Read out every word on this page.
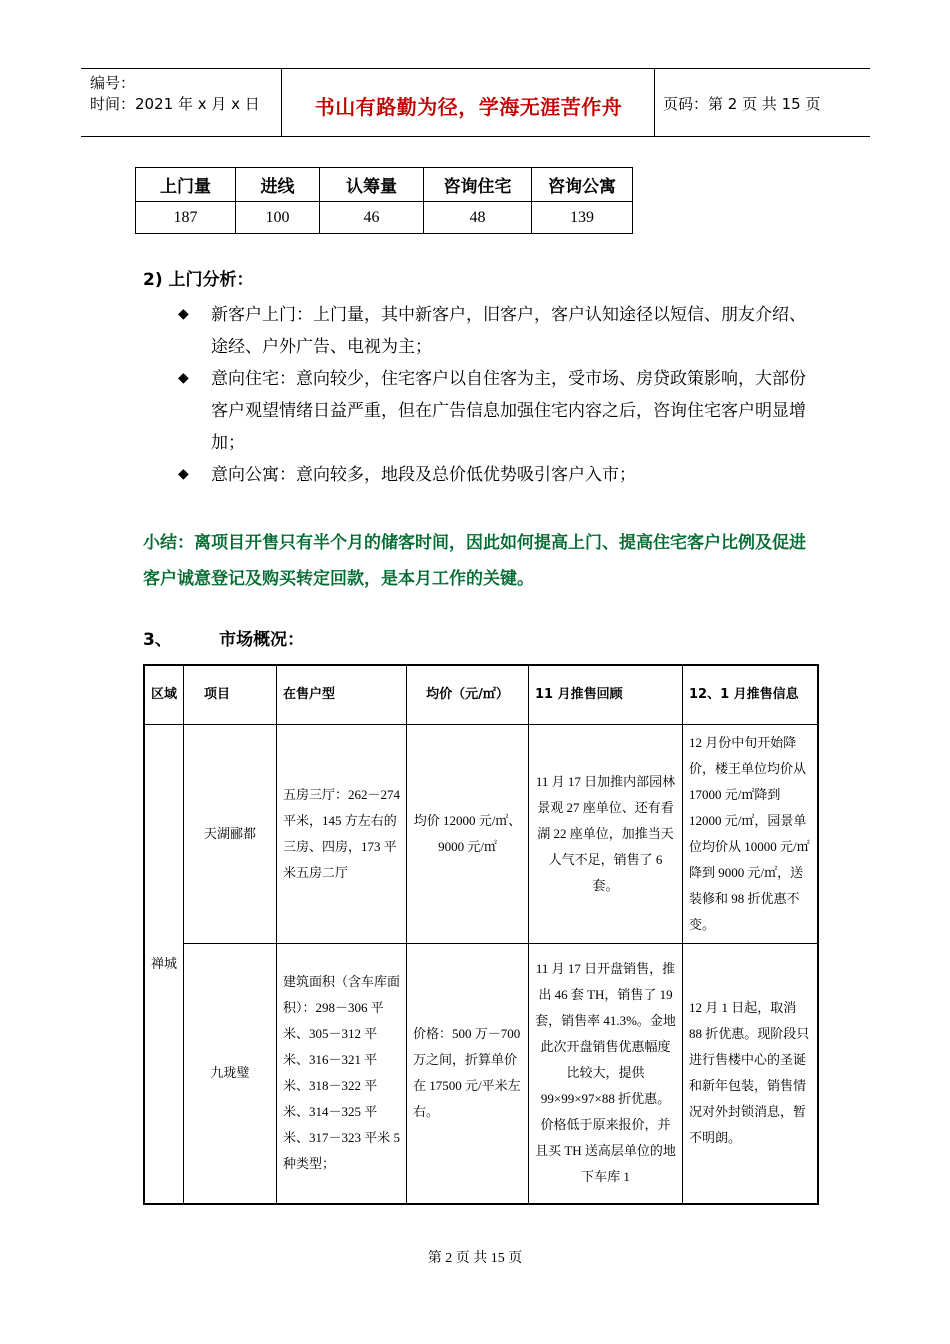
编号：
时间：2021 年 x 月 x 日	书山有路勤为径，学海无涯苦作舟	页码：第 2 页 共 15 页
上门量	进线	认筹量	咨询住宅	咨询公寓
187	100	46	48	139
2) 上门分析：
◆ 新客户上门：上门量，其中新客户，旧客户，客户认知途径以短信、朋友介绍、途经、户外广告、电视为主；
◆ 意向住宅：意向较少，住宅客户以自住客为主，受市场、房贷政策影响，大部份客户观望情绪日益严重，但在广告信息加强住宅内容之后，咨询住宅客户明显增加；
◆ 意向公寓：意向较多，地段及总价低优势吸引客户入市；
小结：离项目开售只有半个月的储客时间，因此如何提高上门、提高住宅客户比例及促进客户诚意登记及购买转定回款，是本月工作的关键。
3、        市场概况：
区域	项目	在售户型	均价（元/㎡）	11 月推售回顾	12、1 月推售信息
禅城	天湖郦都	五房三厅：262－274 平米，145 方左右的三房、四房，173 平米五房二厅	均价 12000 元/㎡、9000 元/㎡	11 月 17 日加推内部园林景观 27 座单位、还有看湖 22 座单位，加推当天人气不足，销售了 6 套。	12 月份中旬开始降价，楼王单位均价从 17000 元/㎡降到 12000 元/㎡，园景单位均价从 10000 元/㎡降到 9000 元/㎡，送装修和 98 折优惠不变。
	九珑璧	建筑面积（含车库面积）：298－306 平米、305－312 平米、316－321 平米、318－322 平米、314－325 平米、317－323 平米 5 种类型；	价格：500 万－700 万之间，折算单价在 17500 元/平米左右。	11 月 17 日开盘销售，推出 46 套 TH，销售了 19 套，销售率 41.3%。金地此次开盘销售优惠幅度比较大，提供 99×99×97×88 折优惠。价格低于原来报价，并且买 TH 送高层单位的地下车库 1	12 月 1 日起，取消 88 折优惠。现阶段只进行售楼中心的圣诞和新年包装，销售情况对外封锁消息，暂不明朗。
第 2 页 共 15 页
